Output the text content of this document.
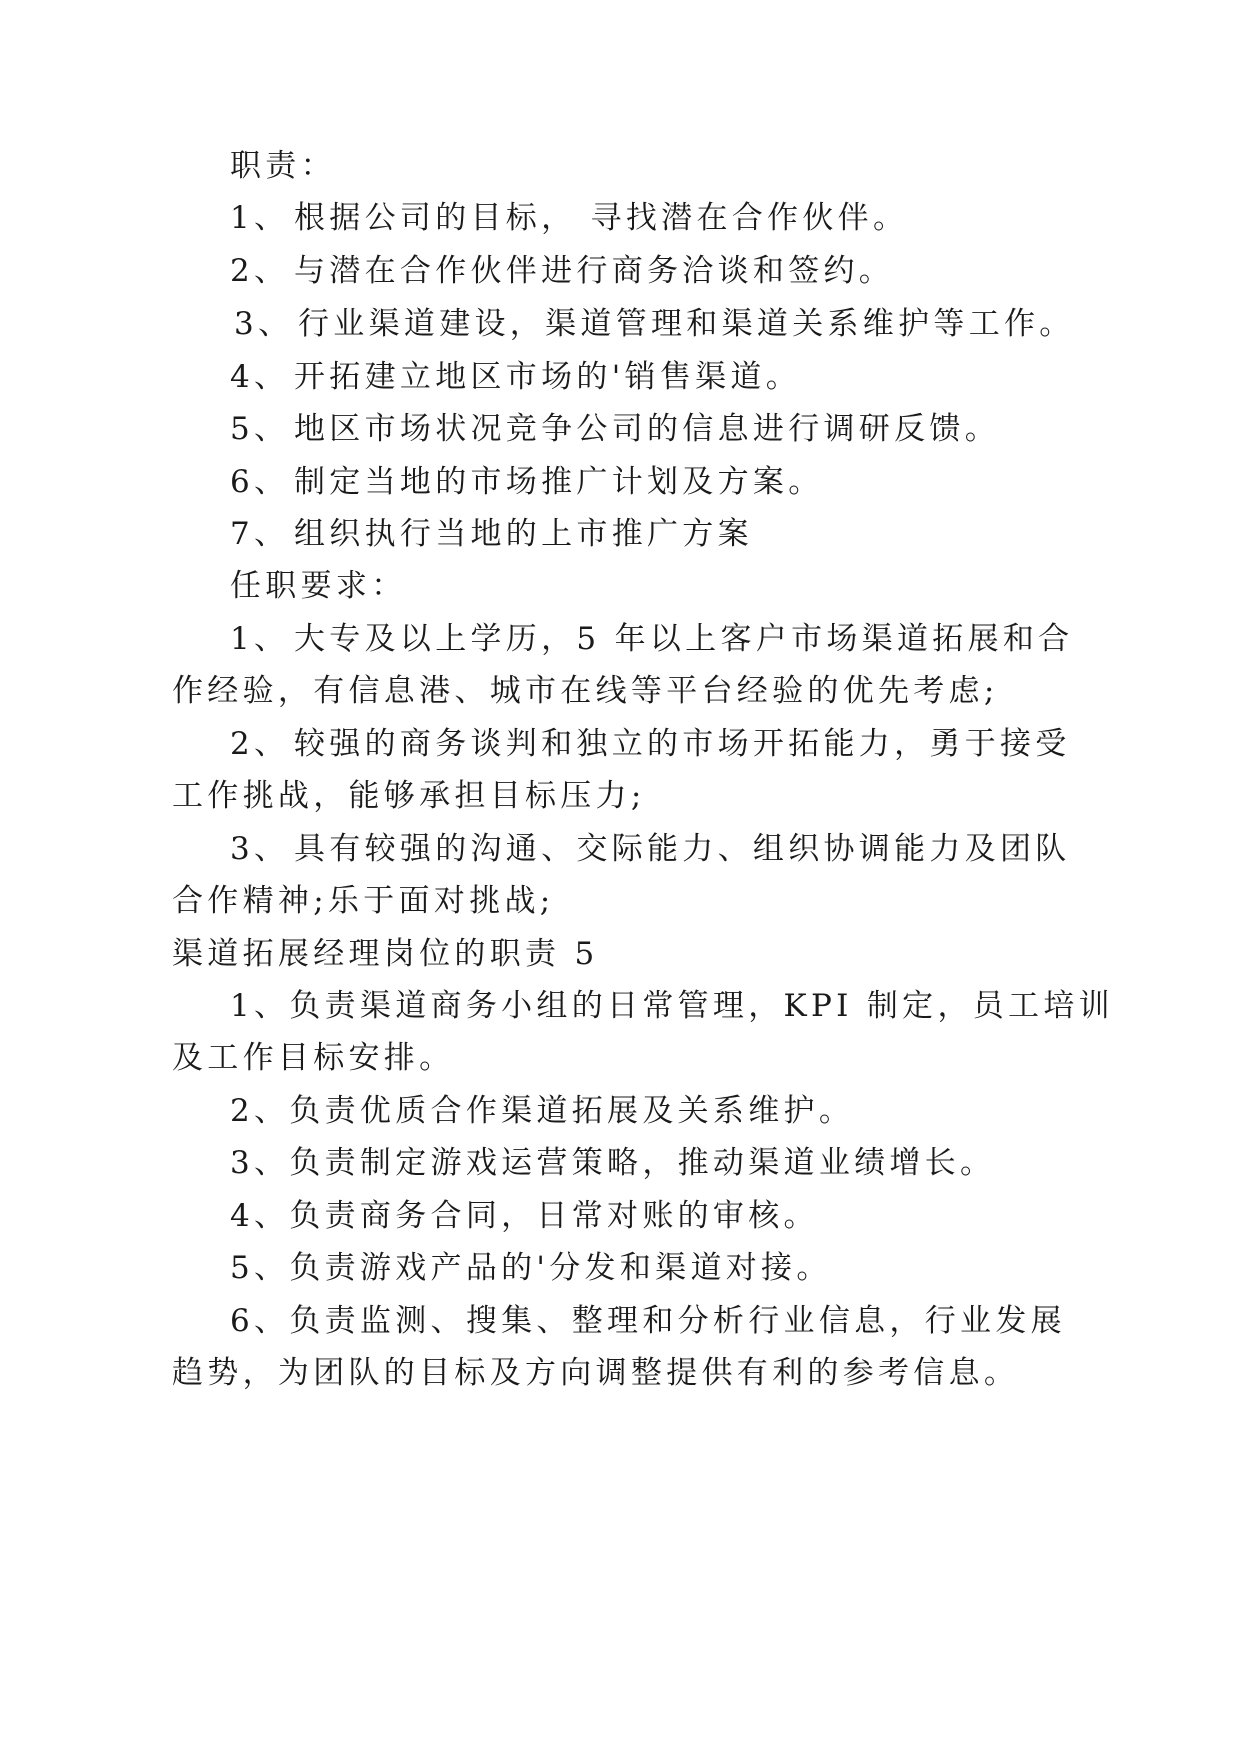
职责：
1、 根据公司的目标， 寻找潜在合作伙伴。
2、 与潜在合作伙伴进行商务洽谈和签约。
3、 行业渠道建设，渠道管理和渠道关系维护等工作。
4、 开拓建立地区市场的'销售渠道。
5、 地区市场状况竞争公司的信息进行调研反馈。
6、 制定当地的市场推广计划及方案。
7、 组织执行当地的上市推广方案
任职要求：
1、 大专及以上学历，5 年以上客户市场渠道拓展和合
作经验，有信息港、城市在线等平台经验的优先考虑;
2、 较强的商务谈判和独立的市场开拓能力，勇于接受
工作挑战，能够承担目标压力;
3、 具有较强的沟通、交际能力、组织协调能力及团队
合作精神;乐于面对挑战;
渠道拓展经理岗位的职责 5
1、负责渠道商务小组的日常管理，KPI 制定，员工培训
及工作目标安排。
2、负责优质合作渠道拓展及关系维护。
3、负责制定游戏运营策略，推动渠道业绩增长。
4、负责商务合同，日常对账的审核。
5、负责游戏产品的'分发和渠道对接。
6、负责监测、搜集、整理和分析行业信息，行业发展
趋势，为团队的目标及方向调整提供有利的参考信息。
